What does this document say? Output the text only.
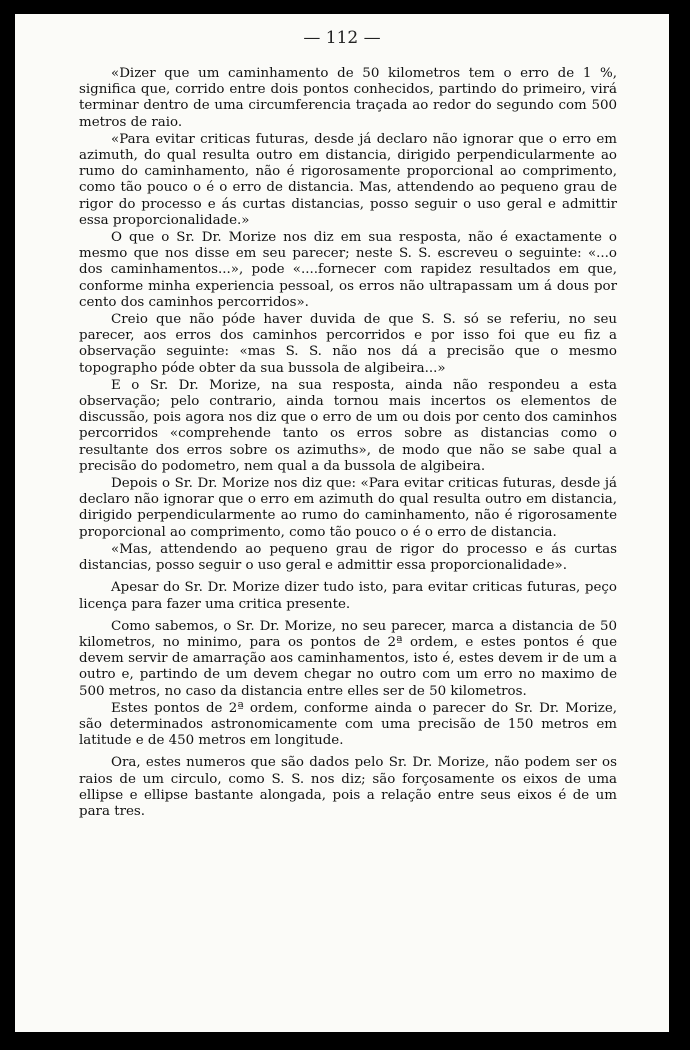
— 112 —

«Dizer que um caminhamento de 50 kilometros tem o erro de 1 %, significa que, corrido entre dois pontos conhecidos, partindo do primeiro, virá terminar dentro de uma circumferencia traçada ao redor do segundo com 500 metros de raio.

«Para evitar criticas futuras, desde já declaro não ignorar que o erro em azimuth, do qual resulta outro em distancia, dirigido perpendicularmente ao rumo do caminhamento, não é rigorosamente proporcional ao comprimento, como tão pouco o é o erro de distancia. Mas, attendendo ao pequeno grau de rigor do processo e ás curtas distancias, posso seguir o uso geral e admittir essa proporcionalidade.»

O que o Sr. Dr. Morize nos diz em sua resposta, não é exactamente o mesmo que nos disse em seu parecer; neste S. S. escreveu o seguinte: «...o dos caminhamentos...», pode «....fornecer com rapidez resultados em que, conforme minha experiencia pessoal, os erros não ultrapassam um á dous por cento dos caminhos percorridos».

Creio que não póde haver duvida de que S. S. só se referiu, no seu parecer, aos erros dos caminhos percorridos e por isso foi que eu fiz a observação seguinte: «mas S. S. não nos dá a precisão que o mesmo topographo póde obter da sua bussola de algibeira...»

E o Sr. Dr. Morize, na sua resposta, ainda não respondeu a esta observação; pelo contrario, ainda tornou mais incertos os elementos de discussão, pois agora nos diz que o erro de um ou dois por cento dos caminhos percorridos «comprehende tanto os erros sobre as distancias como o resultante dos erros sobre os azimuths», de modo que não se sabe qual a precisão do podometro, nem qual a da bussola de algibeira.

Depois o Sr. Dr. Morize nos diz que: «Para evitar criticas futuras, desde já declaro não ignorar que o erro em azimuth do qual resulta outro em distancia, dirigido perpendicularmente ao rumo do caminhamento, não é rigorosamente proporcional ao comprimento, como tão pouco o é o erro de distancia.

«Mas, attendendo ao pequeno grau de rigor do processo e ás curtas distancias, posso seguir o uso geral e admittir essa proporcionalidade».

Apesar do Sr. Dr. Morize dizer tudo isto, para evitar criticas futuras, peço licença para fazer uma critica presente.

Como sabemos, o Sr. Dr. Morize, no seu parecer, marca a distancia de 50 kilometros, no minimo, para os pontos de 2ª ordem, e estes pontos é que devem servir de amarração aos caminhamentos, isto é, estes devem ir de um a outro e, partindo de um devem chegar no outro com um erro no maximo de 500 metros, no caso da distancia entre elles ser de 50 kilometros.

Estes pontos de 2ª ordem, conforme ainda o parecer do Sr. Dr. Morize, são determinados astronomicamente com uma precisão de 150 metros em latitude e de 450 metros em longitude.

Ora, estes numeros que são dados pelo Sr. Dr. Morize, não podem ser os raios de um circulo, como S. S. nos diz; são forçosamente os eixos de uma ellipse e ellipse bastante alongada, pois a relação entre seus eixos é de um para tres.
